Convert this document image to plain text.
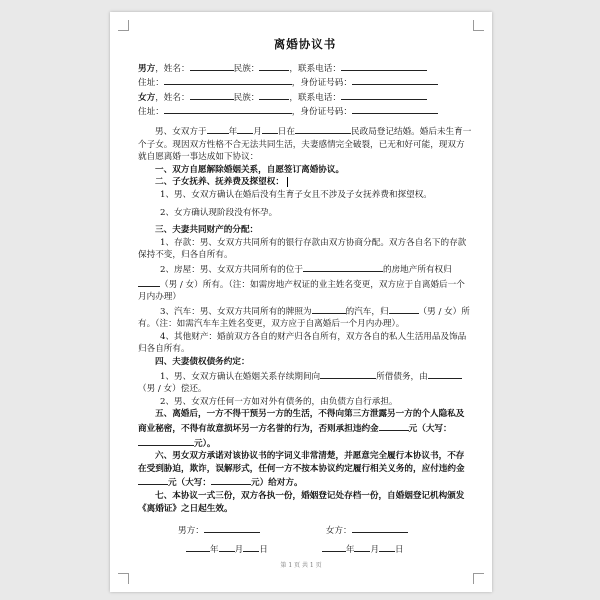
离婚协议书
男方，姓名：	民族：	，联系电话：
住址：	，身份证号码：
女方，姓名：	民族：	，联系电话：
住址：	，身份证号码：

男、女双方于	年 月 日在	民政局登记结婚。婚后未生育一个子女。现因双方性格不合无法共同生活，夫妻感情完全破裂，已无和好可能，现双方就自愿离婚一事达成如下协议：

一、双方自愿解除婚姻关系，自愿签订离婚协议。

二、子女抚养、抚养费及探望权：

1、男、女双方确认在婚后没有生育子女且不涉及子女抚养费和探望权。

2、女方确认现阶段没有怀孕。

三、夫妻共同财产的分配：

1、存款：男、女双方共同所有的银行存款由双方协商分配。双方各自名下的存款保持不变，归各自所有。

2、房屋：男、女双方共同所有的位于	的房地产所有权归（男 / 女）所有。（注：如需房地产权证的业主姓名变更，双方应于自离婚后一个月内办理）

3、汽车：男、女双方共同所有的牌照为	的汽车，归	（男 / 女）所有。（注：如需汽车车主姓名变更，双方应于自离婚后一个月内办理）。

4、其他财产：婚前双方各自的财产归各自所有，双方各自的私人生活用品及饰品归各自所有。

四、夫妻债权债务约定：

1、男、女双方确认在婚姻关系存续期间向	所借债务，由（男 / 女）偿还。

2、男、女双方任何一方如对外有债务的，由负债方自行承担。

五、离婚后，一方不得干预另一方的生活，不得向第三方泄露另一方的个人隐私及商业秘密，不得有故意损坏另一方名誉的行为，否则承担违约金	元（大写：元）。

六、男女双方承诺对该协议书的字词义非常清楚，并愿意完全履行本协议书，不存在受到胁迫，欺诈，误解形式，任何一方不按本协议约定履行相关义务的，应付违约金元（大写：	元）给对方。

七、本协议一式三份，双方各执一份，婚姻登记处存档一份，自婚姻登记机构颁发《离婚证》之日起生效。

男方：	女方：
年 月 日	年 月 日
第 1 页 共 1 页
